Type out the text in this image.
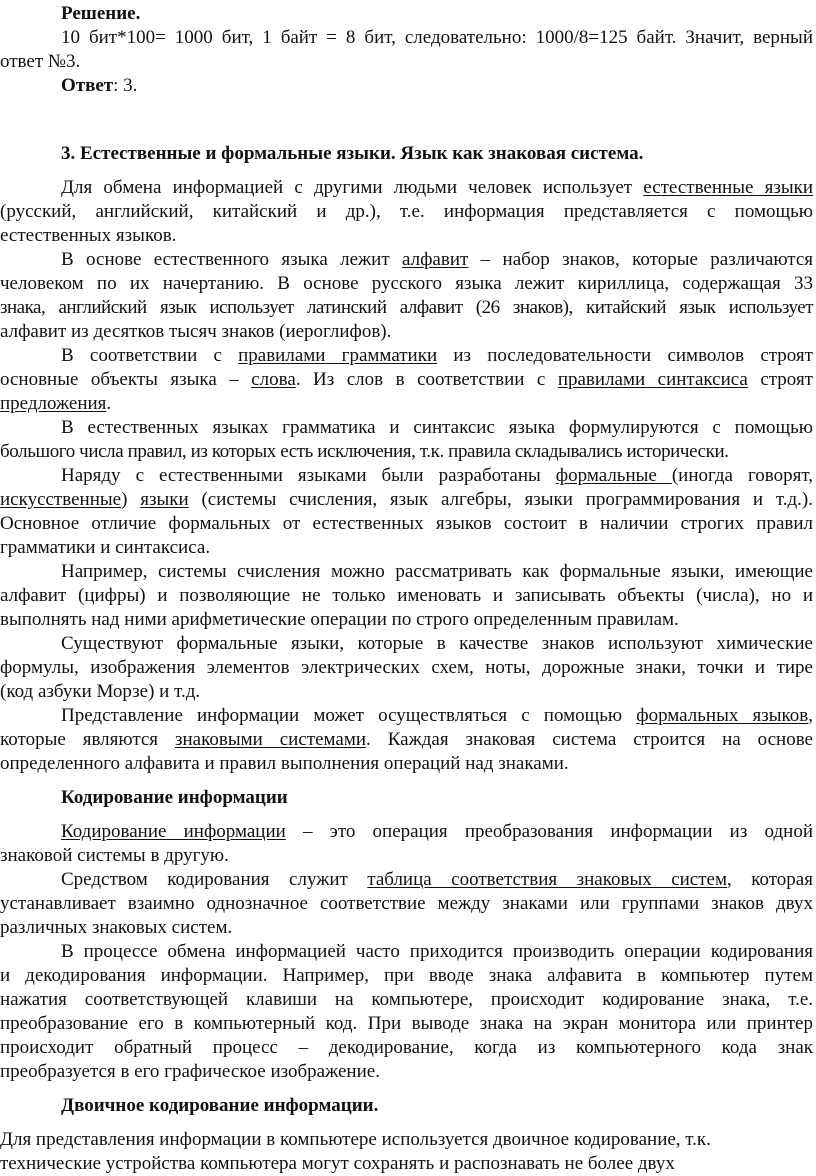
Решение.
10 бит*100= 1000 бит, 1 байт = 8 бит, следовательно: 1000/8=125 байт. Значит, верный
ответ №3.
Ответ: 3.
3. Естественные и формальные языки. Язык как знаковая система.
Для обмена информацией с другими людьми человек использует естественные языки
(русский, английский, китайский и др.), т.е. информация представляется с помощью
естественных языков.
В основе естественного языка лежит алфавит – набор знаков, которые различаются
человеком по их начертанию. В основе русского языка лежит кириллица, содержащая 33
знака, английский язык использует латинский алфавит (26 знаков), китайский язык использует
алфавит из десятков тысяч знаков (иероглифов).
В соответствии с правилами грамматики из последовательности символов строят
основные объекты языка – слова. Из слов в соответствии с правилами синтаксиса строят
предложения.
В естественных языках грамматика и синтаксис языка формулируются с помощью
большого числа правил, из которых есть исключения, т.к. правила складывались исторически.
Наряду с естественными языками были разработаны формальные (иногда говорят,
искусственные) языки (системы счисления, язык алгебры, языки программирования и т.д.).
Основное отличие формальных от естественных языков состоит в наличии строгих правил
грамматики и синтаксиса.
Например, системы счисления можно рассматривать как формальные языки, имеющие
алфавит (цифры) и позволяющие не только именовать и записывать объекты (числа), но и
выполнять над ними арифметические операции по строго определенным правилам.
Существуют формальные языки, которые в качестве знаков используют химические
формулы, изображения элементов электрических схем, ноты, дорожные знаки, точки и тире
(код азбуки Морзе) и т.д.
Представление информации может осуществляться с помощью формальных языков,
которые являются знаковыми системами. Каждая знаковая система строится на основе
определенного алфавита и правил выполнения операций над знаками.
Кодирование информации
Кодирование информации – это операция преобразования информации из одной
знаковой системы в другую.
Средством кодирования служит таблица соответствия знаковых систем, которая
устанавливает взаимно однозначное соответствие между знаками или группами знаков двух
различных знаковых систем.
В процессе обмена информацией часто приходится производить операции кодирования
и декодирования информации. Например, при вводе знака алфавита в компьютер путем
нажатия соответствующей клавиши на компьютере, происходит кодирование знака, т.е.
преобразование его в компьютерный код. При выводе знака на экран монитора или принтер
происходит обратный процесс – декодирование, когда из компьютерного кода знак
преобразуется в его графическое изображение.
Двоичное кодирование информации.
Для представления информации в компьютере используется двоичное кодирование, т.к.
технические устройства компьютера могут сохранять и распознавать не более двух
